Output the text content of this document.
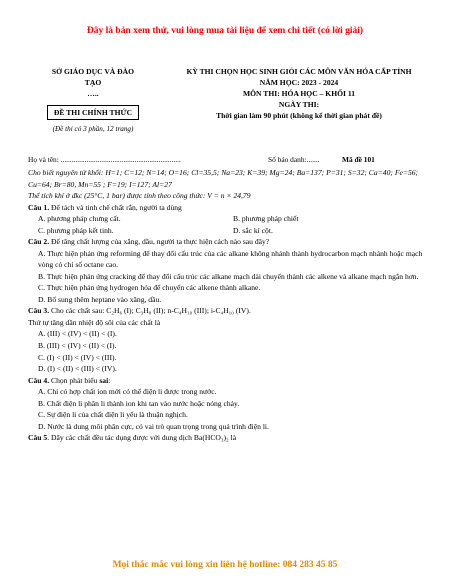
Đây là bản xem thử, vui lòng mua tài liệu để xem chi tiết (có lời giải)
SỞ GIÁO DỤC VÀ ĐÀO
TẠO
…..
ĐỀ THI CHÍNH THỨC
(Đề thi có 3 phần, 12 trang)
KỲ THI CHỌN HỌC SINH GIỎI CÁC MÔN VĂN HÓA CẤP TỈNH
NĂM HỌC: 2023 - 2024
MÔN THI: HÓA HỌC – KHỐI 11
NGÀY THI:
Thời gian làm 90 phút (không kể thời gian phát đề)
Họ và tên: .................................................................	Số báo danh:.......	Mã đề 101

Cho biết nguyên tử khối: H=1; C=12; N=14; O=16; Cl=35,5; Na=23; K=39; Mg=24; Ba=137; P=31; S=32; Ca=40; Fe=56; Cu=64; Br=80, Mn=55 ; F=19; I=127; Al=27

Thể tích khí ở đkc (25°C, 1 bar) được tính theo công thức: V = n × 24,79

Câu 1. Để tách và tinh chế chất rắn, người ta dùng

A. phương pháp chưng cất.	B. phương pháp chiết
C. phương pháp kết tinh.	D. sắc kí cột.

Câu 2. Để tăng chất lượng của xăng, dầu, người ta thực hiện cách nào sau đây?

A. Thực hiện phản ứng reforming để thay đổi cấu trúc của các alkane không nhánh thành hydrocarbon mạch nhánh hoặc mạch vòng có chỉ số octane cao.

B. Thực hiện phản ứng cracking để thay đổi cấu trúc các alkane mạch dài chuyển thành các alkene và alkane mạch ngắn hơn.

C. Thực hiện phản ứng hydrogen hóa để chuyển các alkene thành alkane.

D. Bổ sung thêm heptane vào xăng, dầu.

Câu 3. Cho các chất sau: C₂H₆ (I); C₃H₈ (II); n-C₄H₁₀ (III); i-C₄H₁₀ (IV).

Thứ tự tăng dần nhiệt độ sôi của các chất là

A. (III) < (IV) < (II) < (I).

B. (III) < (IV) < (II) < (I).

C. (I) < (II) < (IV) < (III).

D. (I) < (II) < (III) < (IV).

Câu 4. Chọn phát biểu sai:

A. Chỉ có hợp chất ion mới có thể điện li được trong nước.

B. Chất điện li phân li thành ion khi tan vào nước hoặc nóng chảy.

C. Sự điện li của chất điện li yếu là thuận nghịch.

D. Nước là dung môi phân cực, có vai trò quan trọng trong quá trình điện li.

Câu 5. Dãy các chất đều tác dụng được với dung dịch Ba(HCO₃)₂ là

Mọi thắc mắc vui lòng xin liên hệ hotline: 084 283 45 85
